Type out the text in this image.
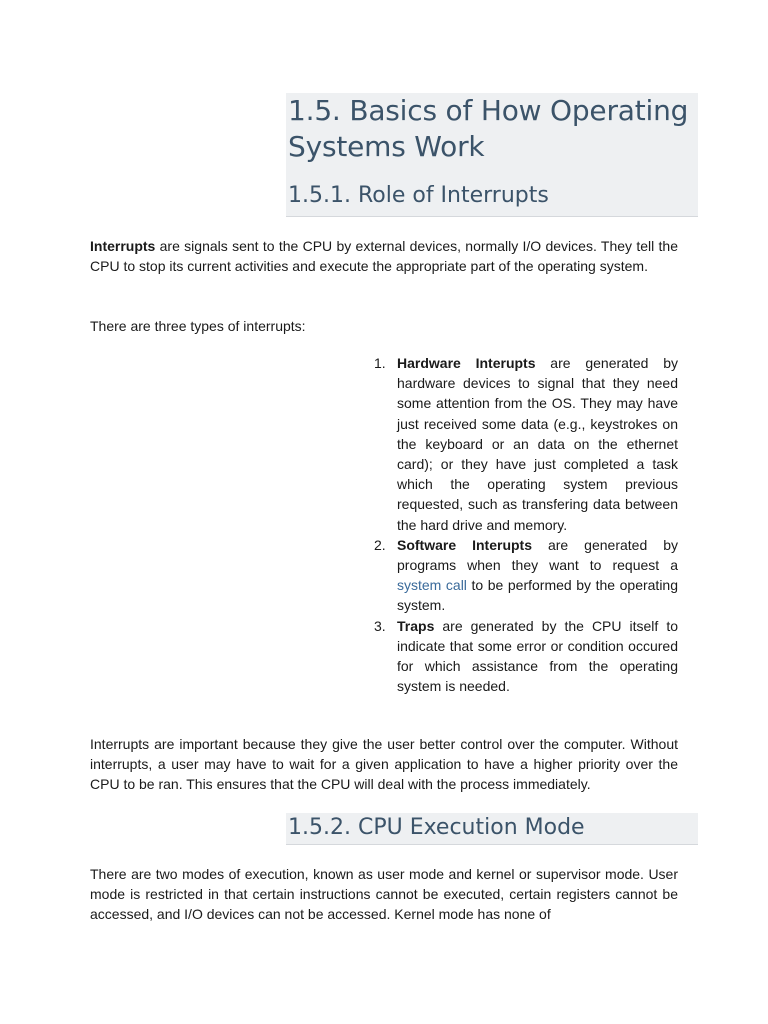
1.5. Basics of How Operating Systems Work
1.5.1. Role of Interrupts

Interrupts are signals sent to the CPU by external devices, normally I/O devices. They tell the CPU to stop its current activities and execute the appropriate part of the operating system.

There are three types of interrupts:

1. Hardware Interupts are generated by hardware devices to signal that they need some attention from the OS. They may have just received some data (e.g., keystrokes on the keyboard or an data on the ethernet card); or they have just completed a task which the operating system previous requested, such as transfering data between the hard drive and memory.
2. Software Interupts are generated by programs when they want to request a system call to be performed by the operating system.
3. Traps are generated by the CPU itself to indicate that some error or condition occured for which assistance from the operating system is needed.

Interrupts are important because they give the user better control over the computer. Without interrupts, a user may have to wait for a given application to have a higher priority over the CPU to be ran. This ensures that the CPU will deal with the process immediately.

1.5.2. CPU Execution Mode

There are two modes of execution, known as user mode and kernel or supervisor mode. User mode is restricted in that certain instructions cannot be executed, certain registers cannot be accessed, and I/O devices can not be accessed. Kernel mode has none of
